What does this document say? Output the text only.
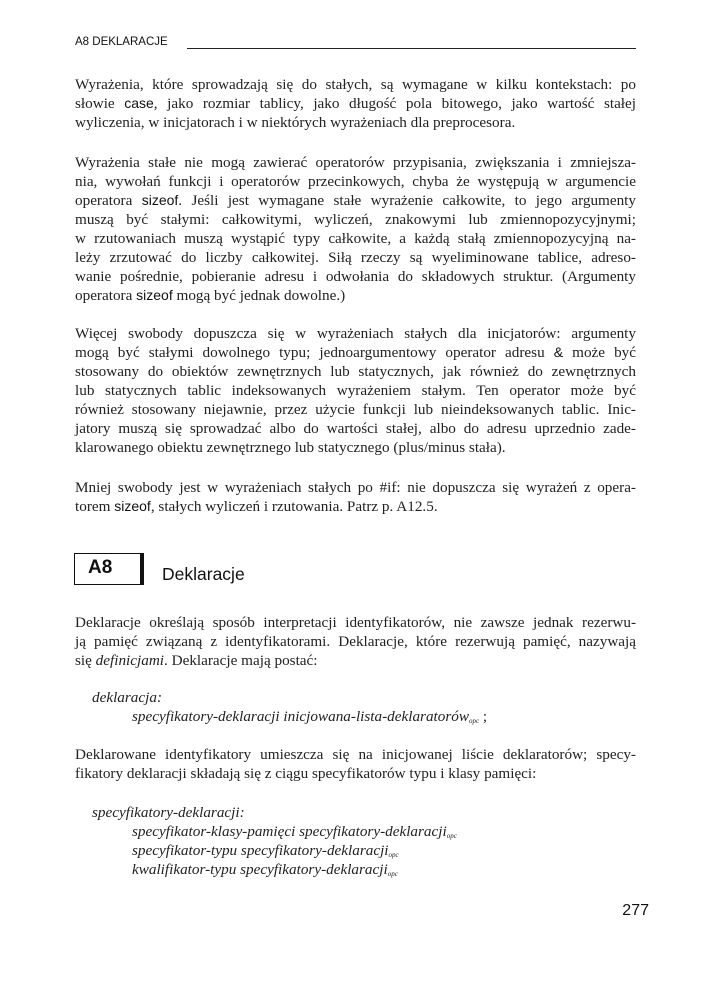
A8 DEKLARACJE
Wyrażenia, które sprowadzają się do stałych, są wymagane w kilku kontekstach: po
słowie case, jako rozmiar tablicy, jako długość pola bitowego, jako wartość stałej
wyliczenia, w inicjatorach i w niektórych wyrażeniach dla preprocesora.
Wyrażenia stałe nie mogą zawierać operatorów przypisania, zwiększania i zmniejsza-
nia, wywołań funkcji i operatorów przecinkowych, chyba że występują w argumencie
operatora sizeof. Jeśli jest wymagane stałe wyrażenie całkowite, to jego argumenty
muszą być stałymi: całkowitymi, wyliczeń, znakowymi lub zmiennopozycyjnymi;
w rzutowaniach muszą wystąpić typy całkowite, a każdą stałą zmiennopozycyjną na-
leży zrzutować do liczby całkowitej. Siłą rzeczy są wyeliminowane tablice, adreso-
wanie pośrednie, pobieranie adresu i odwołania do składowych struktur. (Argumenty
operatora sizeof mogą być jednak dowolne.)
Więcej swobody dopuszcza się w wyrażeniach stałych dla inicjatorów: argumenty
mogą być stałymi dowolnego typu; jednoargumentowy operator adresu & może być
stosowany do obiektów zewnętrznych lub statycznych, jak również do zewnętrznych
lub statycznych tablic indeksowanych wyrażeniem stałym. Ten operator może być
również stosowany niejawnie, przez użycie funkcji lub nieindeksowanych tablic. Inic-
jatory muszą się sprowadzać albo do wartości stałej, albo do adresu uprzednio zade-
klarowanego obiektu zewnętrznego lub statycznego (plus/minus stała).
Mniej swobody jest w wyrażeniach stałych po #if: nie dopuszcza się wyrażeń z opera-
torem sizeof, stałych wyliczeń i rzutowania. Patrz p. A12.5.
Deklaracje określają sposób interpretacji identyfikatorów, nie zawsze jednak rezerwu-
ją pamięć związaną z identyfikatorami. Deklaracje, które rezerwują pamięć, nazywają
się definicjami. Deklaracje mają postać:
deklaracja:
specyfikatory-deklaracji inicjowana-lista-deklaratorów$_{opc}$ ;
Deklarowane identyfikatory umieszcza się na inicjowanej liście deklaratorów; specy-
fikatory deklaracji składają się z ciągu specyfikatorów typu i klasy pamięci:
specyfikatory-deklaracji:
specyfikator-klasy-pamięci specyfikatory-deklaracji$_{opc}$
specyfikator-typu specyfikatory-deklaracji$_{opc}$
kwalifikator-typu specyfikatory-deklaracji$_{opc}$
A8	Deklaracje
277
